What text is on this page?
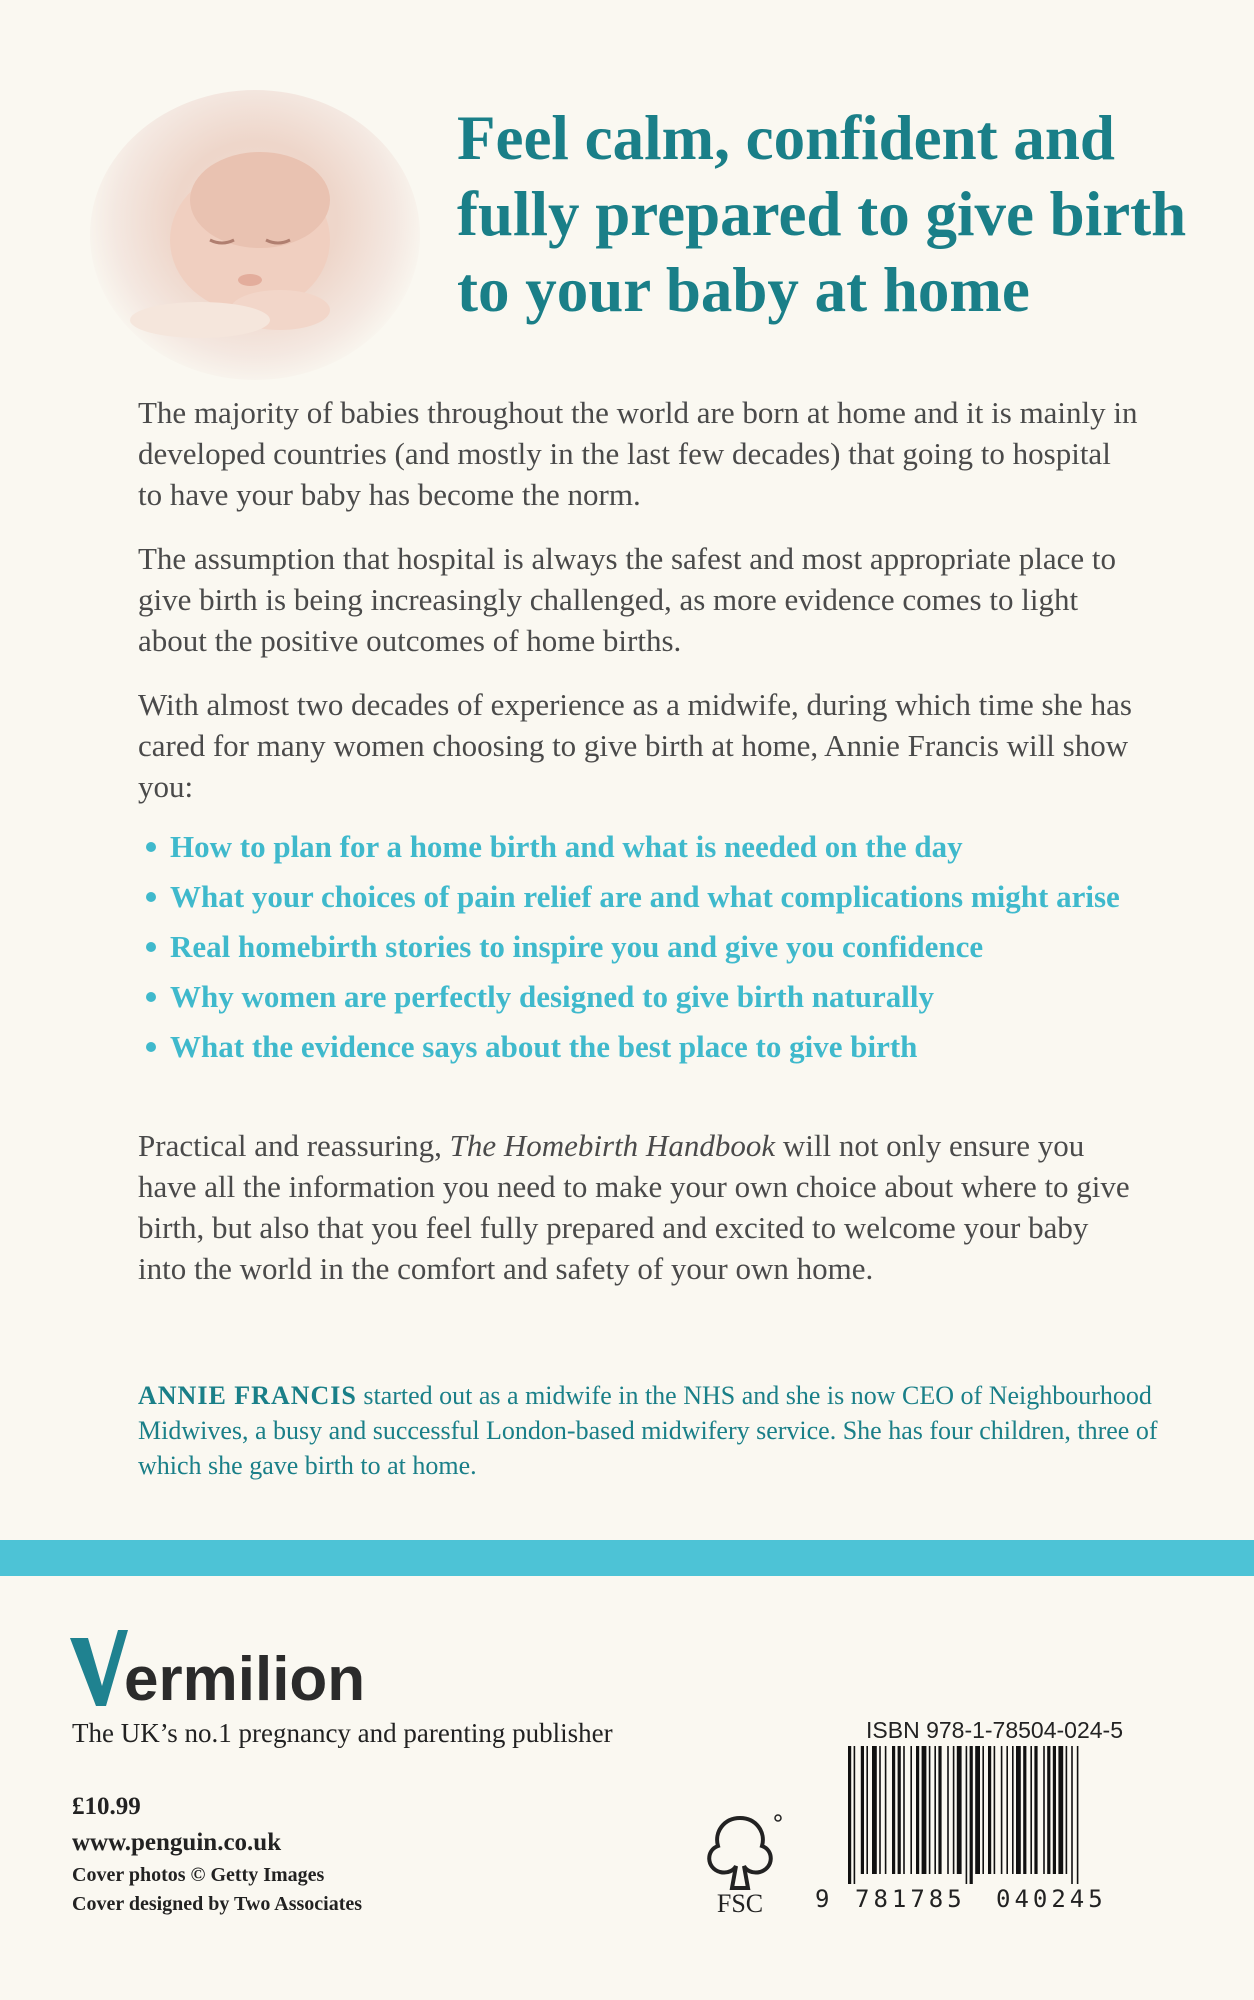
Feel calm, confident and fully prepared to give birth to your baby at home

The majority of babies throughout the world are born at home and it is mainly in developed countries (and mostly in the last few decades) that going to hospital to have your baby has become the norm.

The assumption that hospital is always the safest and most appropriate place to give birth is being increasingly challenged, as more evidence comes to light about the positive outcomes of home births.

With almost two decades of experience as a midwife, during which time she has cared for many women choosing to give birth at home, Annie Francis will show you:

How to plan for a home birth and what is needed on the day
What your choices of pain relief are and what complications might arise
Real homebirth stories to inspire you and give you confidence
Why women are perfectly designed to give birth naturally
What the evidence says about the best place to give birth

Practical and reassuring, The Homebirth Handbook will not only ensure you have all the information you need to make your own choice about where to give birth, but also that you feel fully prepared and excited to welcome your baby into the world in the comfort and safety of your own home.

ANNIE FRANCIS started out as a midwife in the NHS and she is now CEO of Neighbourhood Midwives, a busy and successful London-based midwifery service. She has four children, three of which she gave birth to at home.

ermilion

The UK’s no.1 pregnancy and parenting publisher

£10.99

www.penguin.co.uk

Cover photos © Getty Images

Cover designed by Two Associates	FSC

ISBN 978-1-78504-024-5

9 781785 040245
